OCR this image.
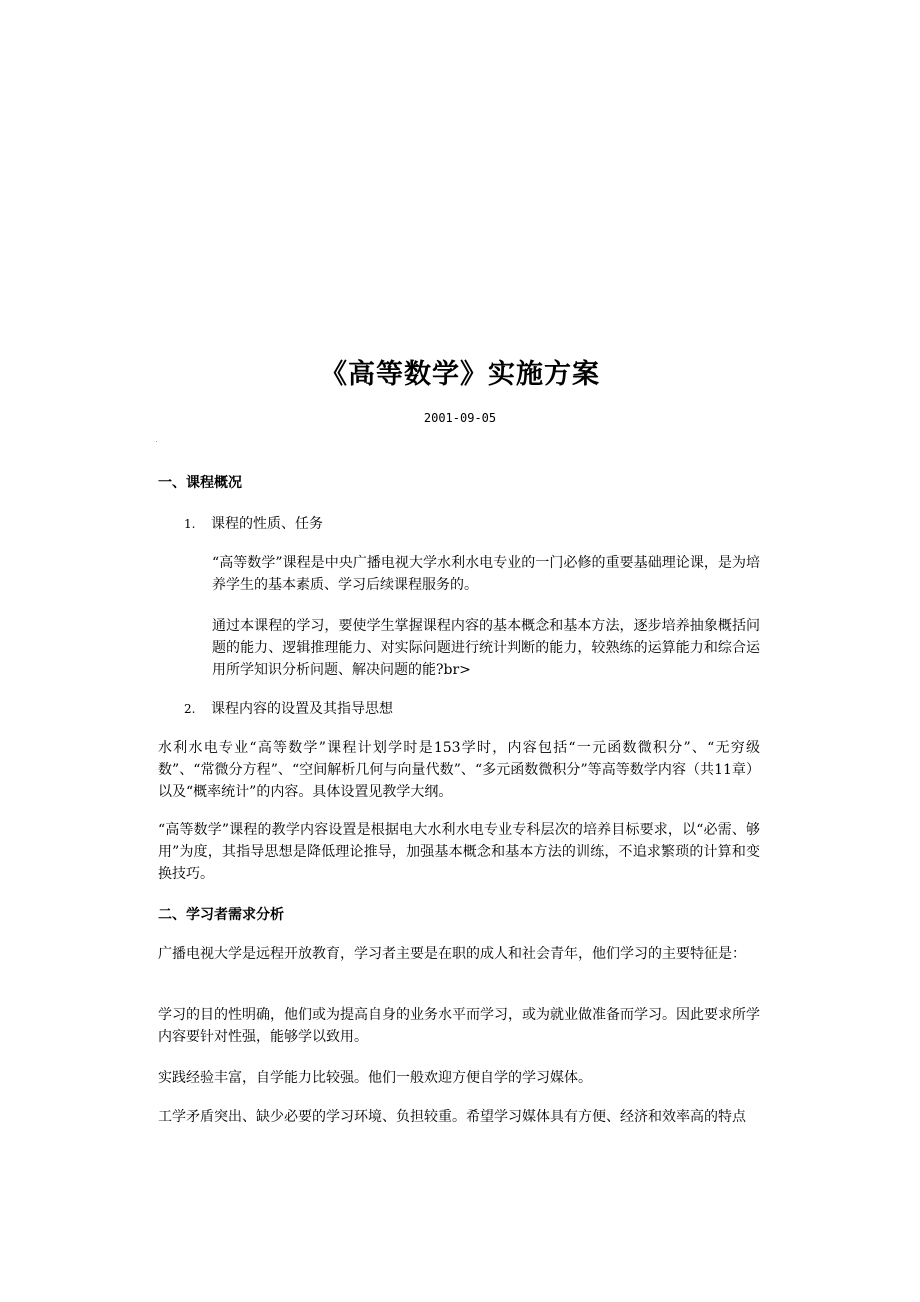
《高等数学》实施方案
2001-09-05
一、课程概况
1. 课程的性质、任务
“高等数学”课程是中央广播电视大学水利水电专业的一门必修的重要基础理论课，是为培养学生的基本素质、学习后续课程服务的。
通过本课程的学习，要使学生掌握课程内容的基本概念和基本方法，逐步培养抽象概括问题的能力、逻辑推理能力、对实际问题进行统计判断的能力，较熟练的运算能力和综合运用所学知识分析问题、解决问题的能?br>
2. 课程内容的设置及其指导思想
水利水电专业“高等数学”课程计划学时是153学时，内容包括“一元函数微积分”、“无穷级数”、“常微分方程”、“空间解析几何与向量代数”、“多元函数微积分”等高等数学内容（共11章）以及“概率统计”的内容。具体设置见教学大纲。
“高等数学”课程的教学内容设置是根据电大水利水电专业专科层次的培养目标要求，以“必需、够用”为度，其指导思想是降低理论推导，加强基本概念和基本方法的训练，不追求繁琐的计算和变换技巧。
二、学习者需求分析
广播电视大学是远程开放教育，学习者主要是在职的成人和社会青年，他们学习的主要特征是：
学习的目的性明确，他们或为提高自身的业务水平而学习，或为就业做准备而学习。因此要求所学内容要针对性强，能够学以致用。
实践经验丰富，自学能力比较强。他们一般欢迎方便自学的学习媒体。
工学矛盾突出、缺少必要的学习环境、负担较重。希望学习媒体具有方便、经济和效率高的特点
